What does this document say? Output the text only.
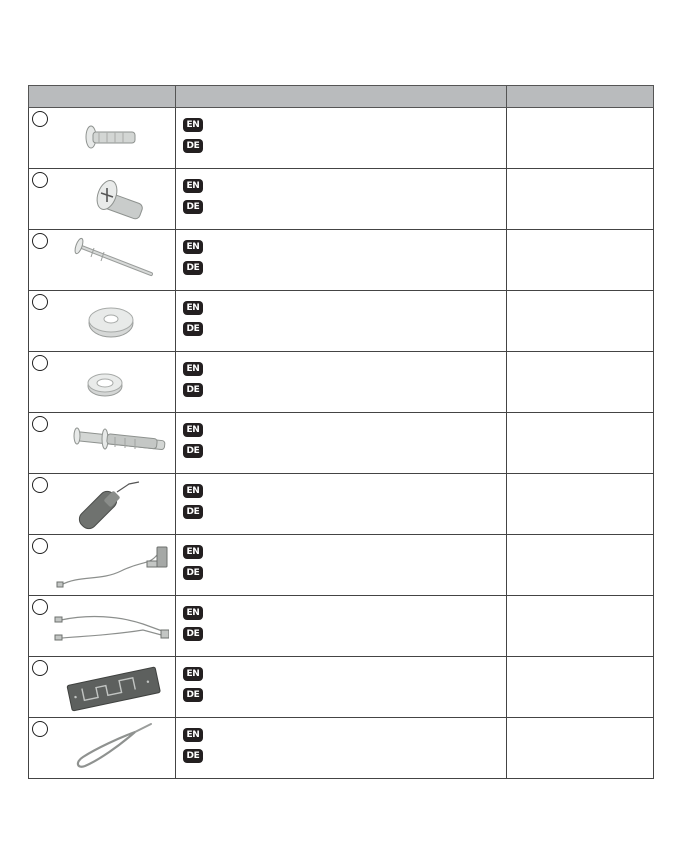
EN
DE	

EN
DE	

EN
DE	

EN
DE	

EN
DE	

EN
DE	

EN
DE	

EN
DE	

EN
DE	

EN
DE	

EN
DE	
